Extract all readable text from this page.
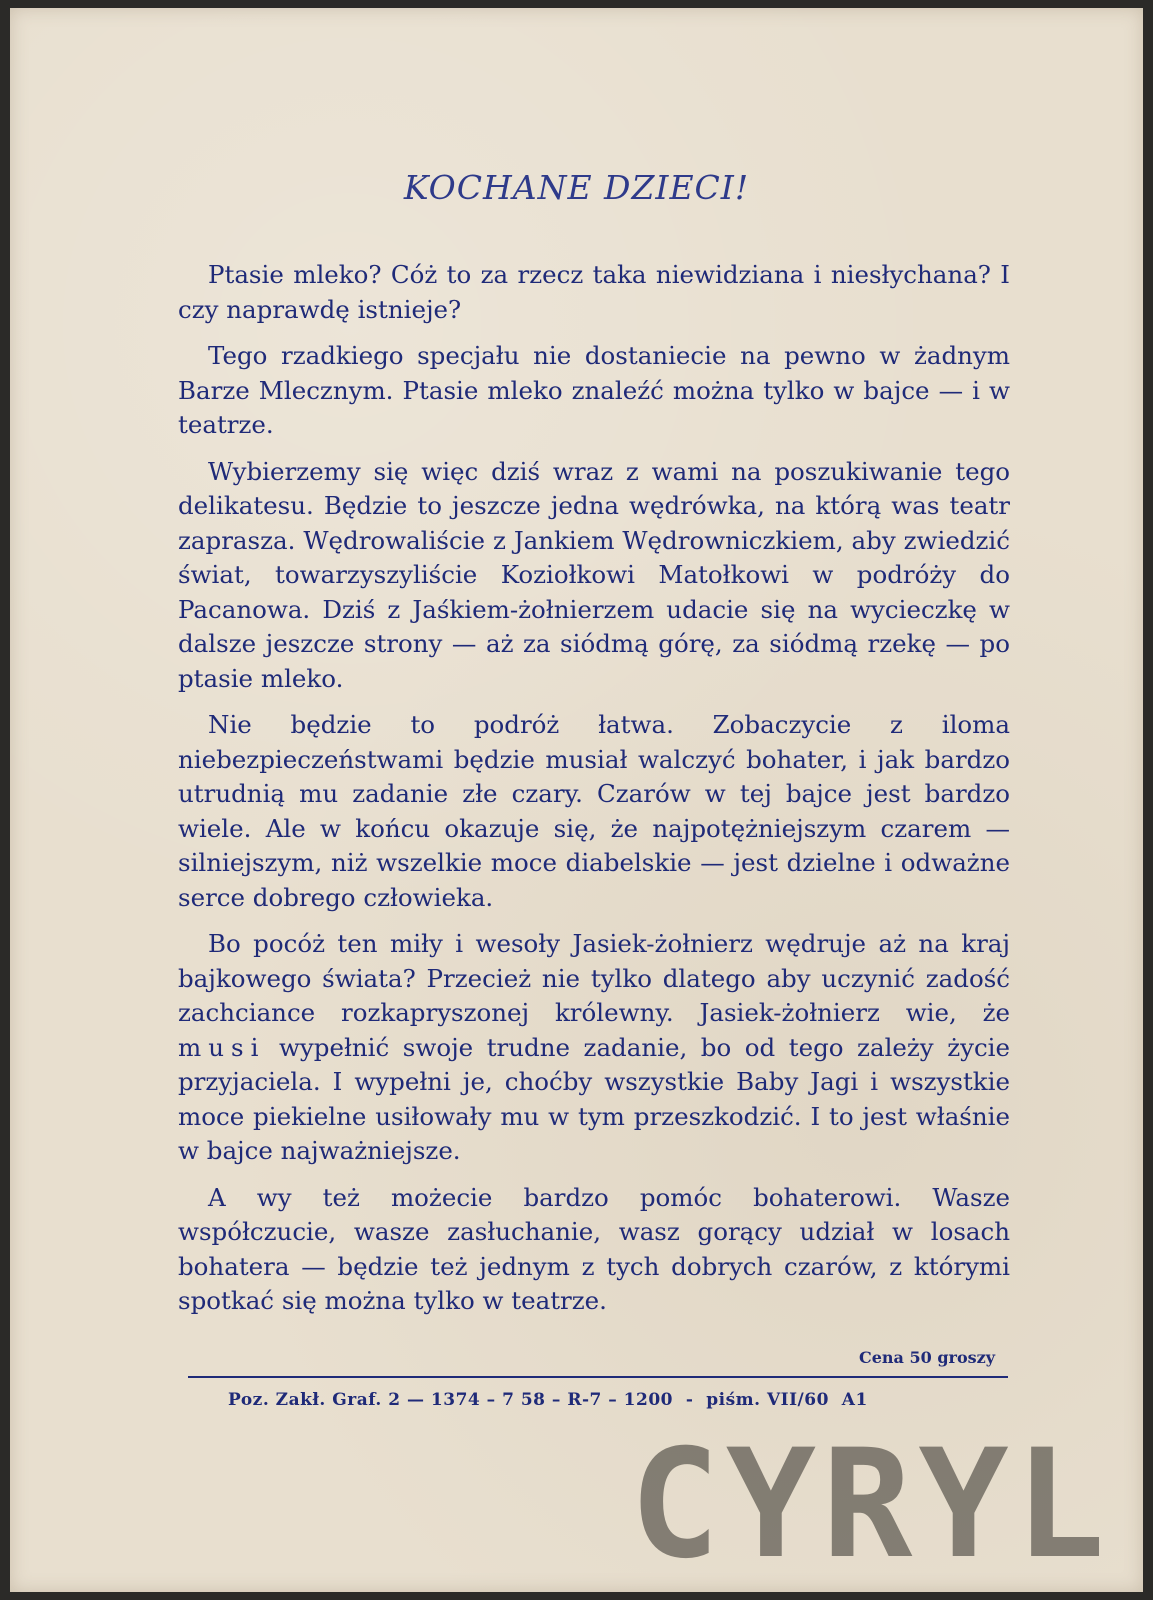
KOCHANE DZIECI!

Ptasie mleko? Cóż to za rzecz taka niewidziana i niesłychana? I czy naprawdę istnieje?

Tego rzadkiego specjału nie dostaniecie na pewno w żadnym Barze Mlecznym. Ptasie mleko znaleźć można tylko w bajce — i w teatrze.

Wybierzemy się więc dziś wraz z wami na poszukiwanie tego delikatesu. Będzie to jeszcze jedna wędrówka, na którą was teatr zaprasza. Wędrowaliście z Jankiem Wędrowniczkiem, aby zwiedzić świat, towarzyszyliście Koziołkowi Matołkowi w podróży do Pacanowa. Dziś z Jaśkiem-żołnierzem udacie się na wycieczkę w dalsze jeszcze strony — aż za siódmą górę, za siódmą rzekę — po ptasie mleko.

Nie będzie to podróż łatwa. Zobaczycie z iloma niebezpieczeństwami będzie musiał walczyć bohater, i jak bardzo utrudnią mu zadanie złe czary. Czarów w tej bajce jest bardzo wiele. Ale w końcu okazuje się, że najpotężniejszym czarem — silniejszym, niż wszelkie moce diabelskie — jest dzielne i odważne serce dobrego człowieka.

Bo pocóż ten miły i wesoły Jasiek-żołnierz wędruje aż na kraj bajkowego świata? Przecież nie tylko dlatego aby uczynić zadość zachciance rozkapryszonej królewny. Jasiek-żołnierz wie, że musi wypełnić swoje trudne zadanie, bo od tego zależy życie przyjaciela. I wypełni je, choćby wszystkie Baby Jagi i wszystkie moce piekielne usiłowały mu w tym przeszkodzić. I to jest właśnie w bajce najważniejsze.

A wy też możecie bardzo pomóc bohaterowi. Wasze współczucie, wasze zasłuchanie, wasz gorący udział w losach bohatera — będzie też jednym z tych dobrych czarów, z którymi spotkać się można tylko w teatrze.

Cena 50 groszy
Poz. Zakł. Graf. 2 — 1374 – 7 58 – R-7 – 1200  -  piśm. VII/60  A1
CYRYL
